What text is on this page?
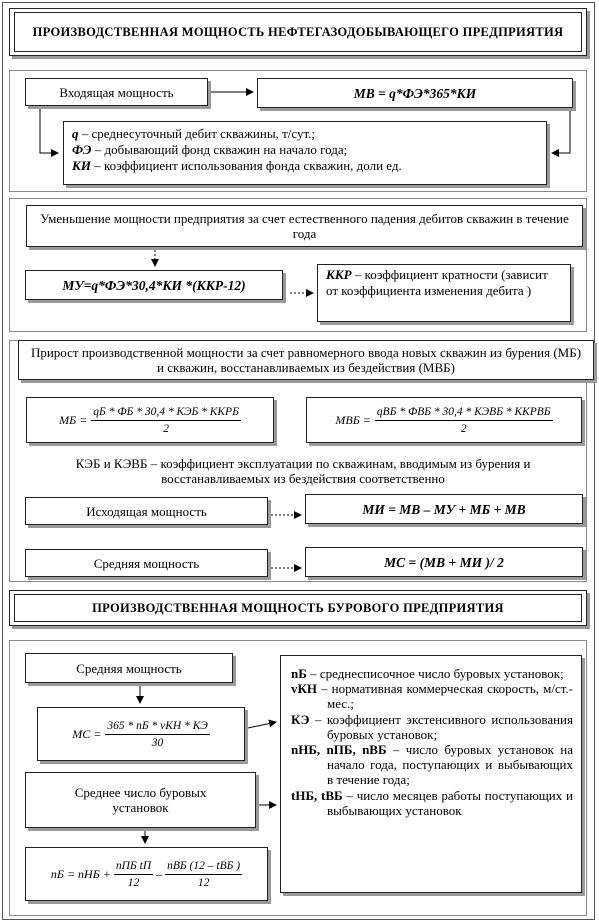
ПРОИЗВОДСТВЕННАЯ МОЩНОСТЬ НЕФТЕГАЗОДОБЫВАЮЩЕГО ПРЕДПРИЯТИЯ
Входящая мощность	MВ = q*ФЭ*365*КИ
q – среднесуточный дебит скважины, т/сут.;
ФЭ – добывающий фонд скважин на начало года;
КИ – коэффициент использования фонда скважин, доли ед.
Уменьшение мощности предприятия за счет естественного падения дебитов скважин в течение года
MУ=q*ФЭ*30,4*КИ *(ККР-12)
ККР – коэффициент кратности (зависит от коэффициента изменения дебита )
Прирост производственной мощности за счет равномерного ввода новых скважин из бурения (MБ) и скважин, восстанавливаемых из бездействия (MВБ)
MБ = $\frac{\text{qБ * ФБ * 30,4 * КЭБ * ККРБ}}{2}$	MВБ = $\frac{\text{qВБ * ФВБ * 30,4 * КЭВБ * ККРВБ}}{2}$
КЭБ и КЭВБ – коэффициент эксплуатации по скважинам, вводимым из бурения и восстанавливаемых из бездействия соответственно
Исходящая мощность	MИ = MВ – MУ + MБ + MВ
Средняя мощность	MС = (MВ + MИ )/ 2
ПРОИЗВОДСТВЕННАЯ МОЩНОСТЬ БУРОВОГО ПРЕДПРИЯТИЯ
Средняя мощность
MС = $\frac{\text{365 * nБ * vКН * КЭ}}{30}$
Среднее число буровых установок
nБ = nНБ + $\frac{\text{nПБ tП}}{12} - \frac{\text{nВБ (12 – tВБ )}}{12}$

nБ – среднесписочное число буровых установок;

vКН – нормативная коммерческая скорость, м/ст.-мес.;

КЭ – коэффициент экстенсивного использования буровых установок;

nНБ, nПБ, nВБ – число буровых установок на начало года, поступающих и выбывающих в течение года;

tНБ, tВБ – число месяцев работы поступающих и выбывающих установок
